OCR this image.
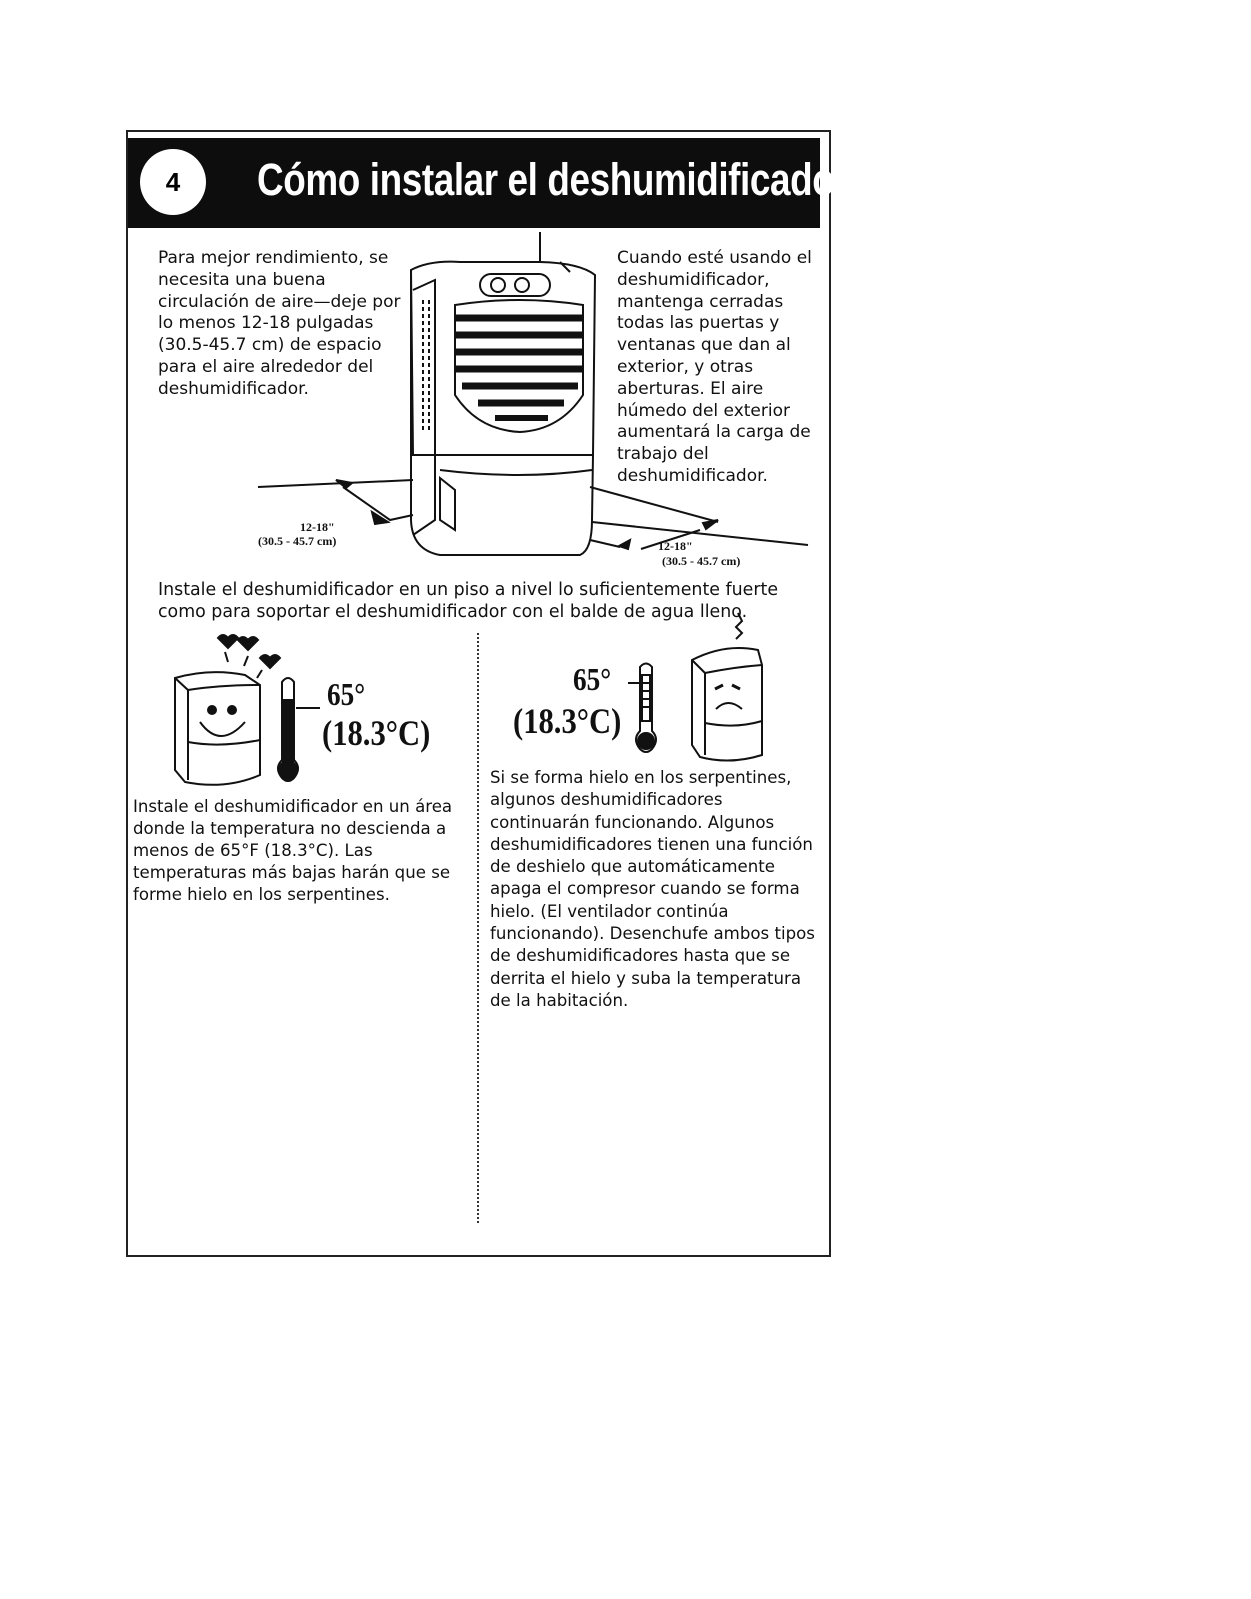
4	Cómo instalar el deshumidificador

Para mejor rendimiento, se necesita una buena circulación de aire—deje por lo menos 12-18 pulgadas (30.5-45.7 cm) de espacio para el aire alrededor del deshumidificador.

Cuando esté usando el deshumidificador, mantenga cerradas todas las puertas y ventanas que dan al exterior, y otras aberturas. El aire húmedo del exterior aumentará la carga de trabajo del deshumidificador.

12-18"
(30.5 - 45.7 cm)	12-18"
(30.5 - 45.7 cm)

Instale el deshumidificador en un piso a nivel lo suficientemente fuerte como para soportar el deshumidificador con el balde de agua lleno.

65°
(18.3°C)

Instale el deshumidificador en un área donde la temperatura no descienda a menos de 65°F (18.3°C). Las temperaturas más bajas harán que se forme hielo en los serpentines.

65°
(18.3°C)

Si se forma hielo en los serpentines, algunos deshumidificadores continuarán funcionando. Algunos deshumidificadores tienen una función de deshielo que automáticamente apaga el compresor cuando se forma hielo. (El ventilador continúa funcionando). Desenchufe ambos tipos de deshumidificadores hasta que se derrita el hielo y suba la temperatura de la habitación.
